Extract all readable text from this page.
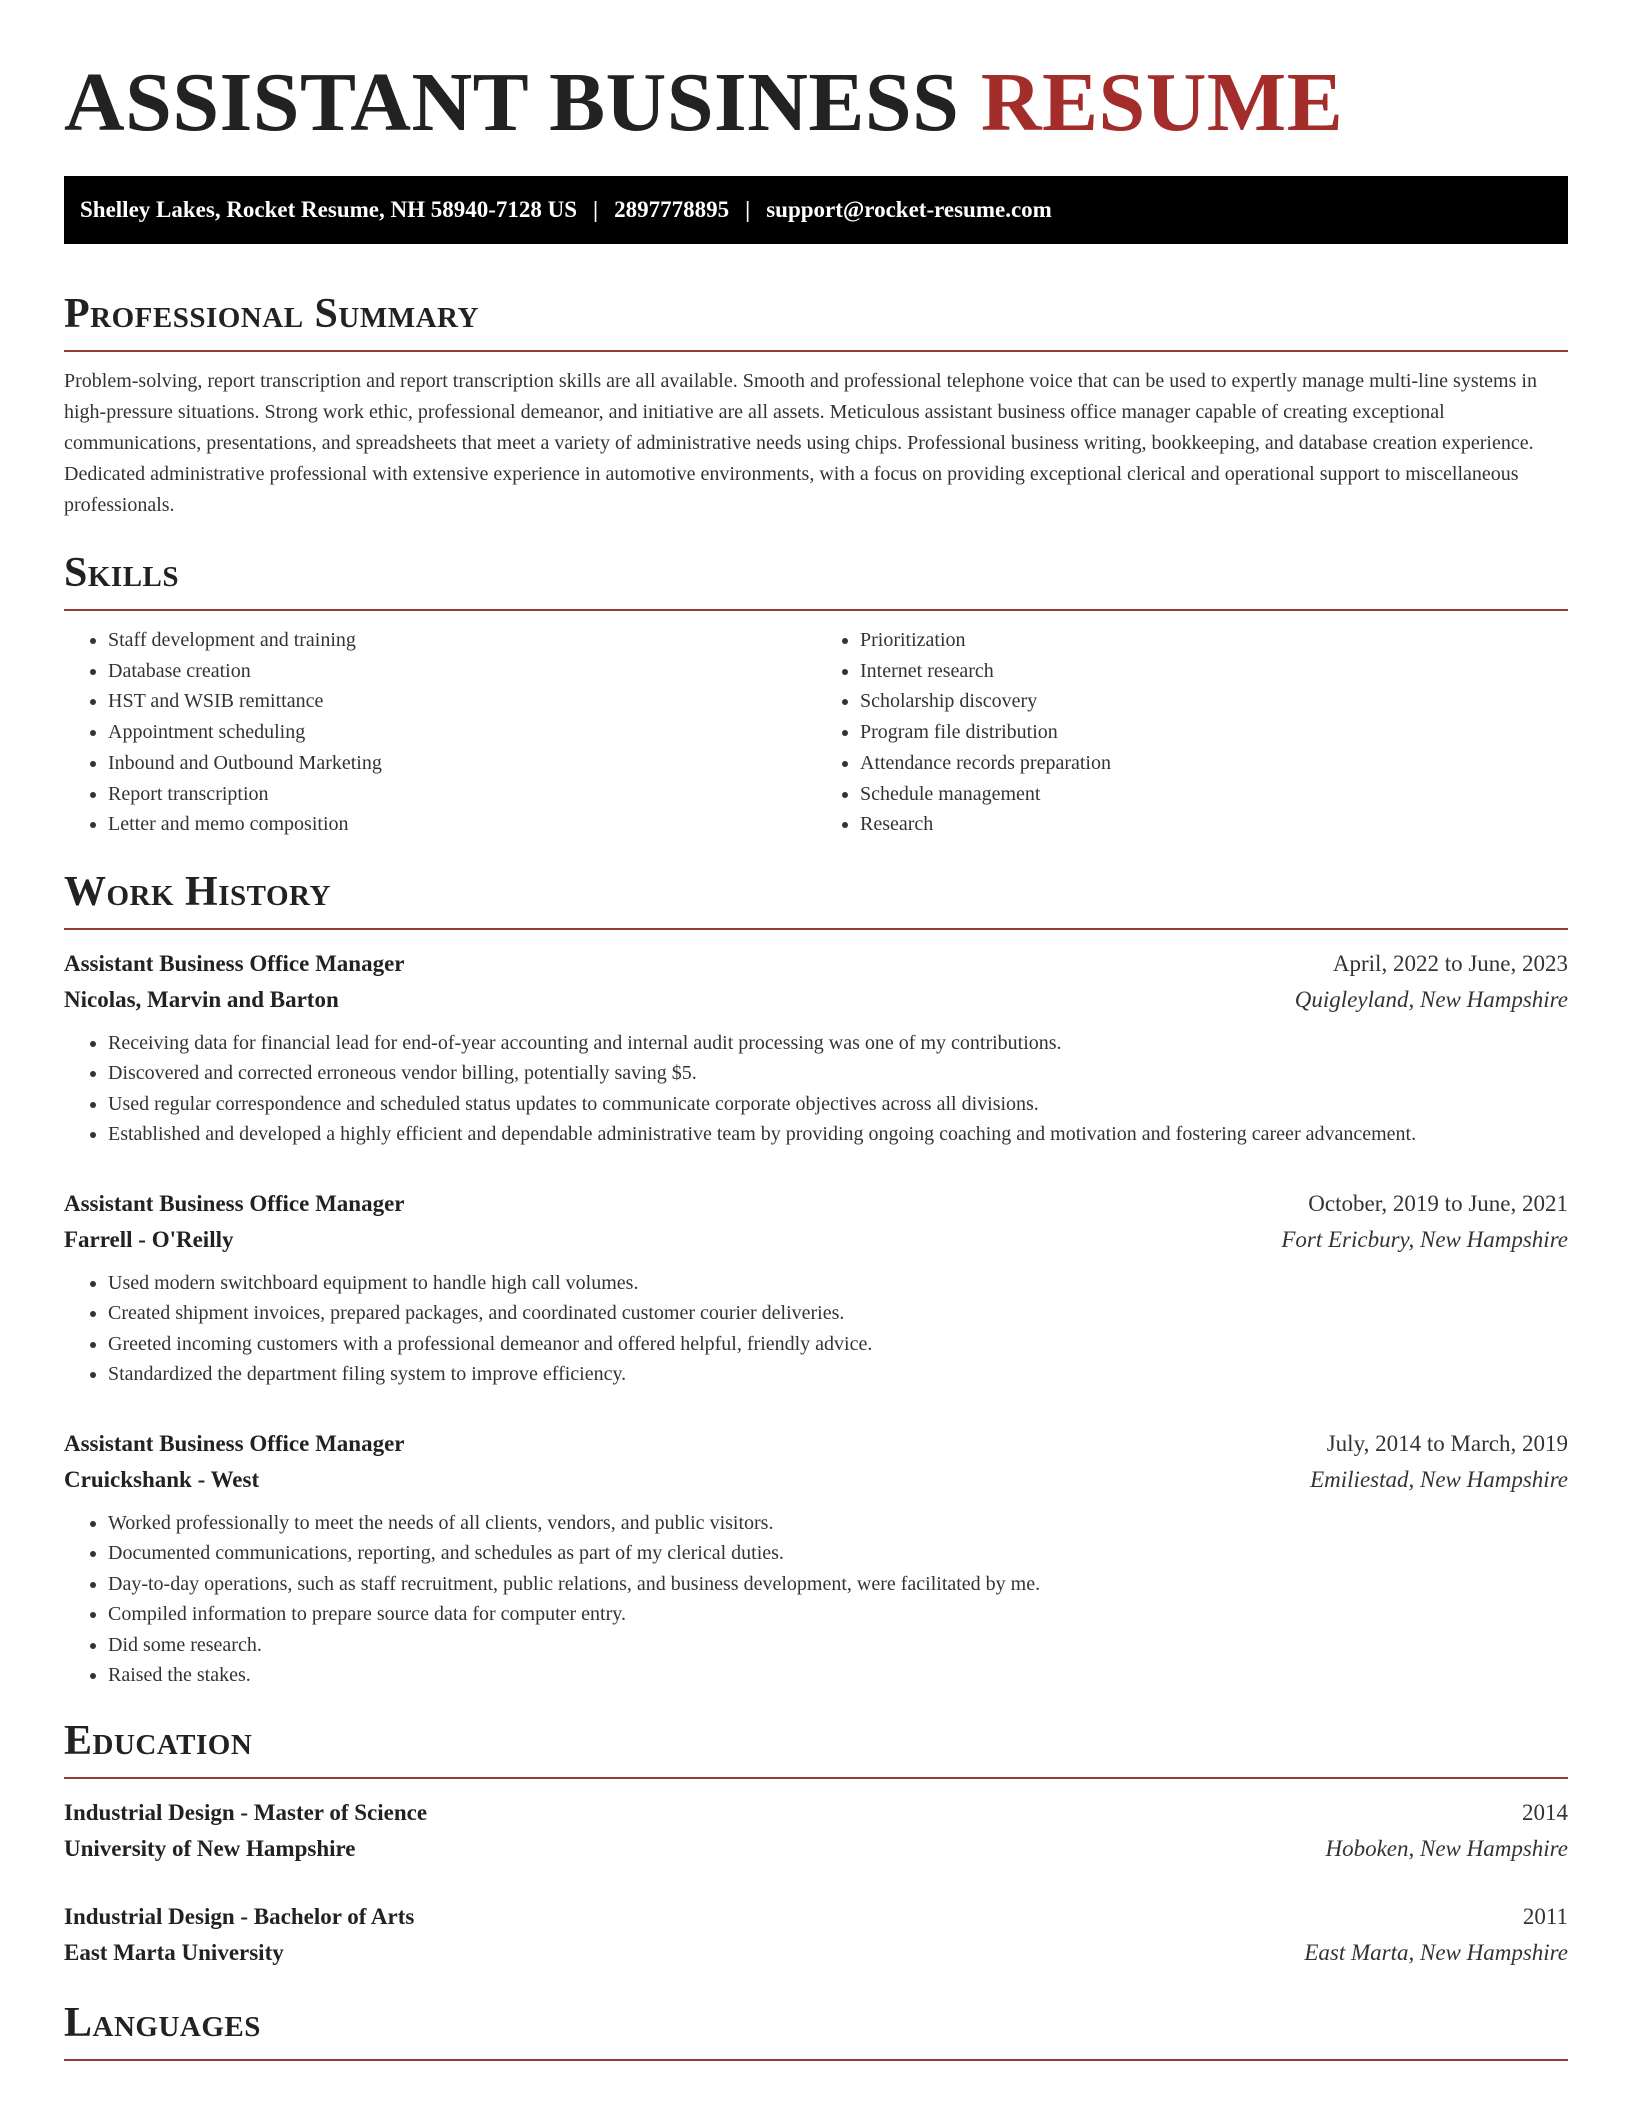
ASSISTANT BUSINESS RESUME
Shelley Lakes, Rocket Resume, NH 58940-7128 US | 2897778895 | support@rocket-resume.com
Professional Summary

Problem-solving, report transcription and report transcription skills are all available. Smooth and professional telephone voice that can be used to expertly manage multi-line systems in high-pressure situations. Strong work ethic, professional demeanor, and initiative are all assets. Meticulous assistant business office manager capable of creating exceptional communications, presentations, and spreadsheets that meet a variety of administrative needs using chips. Professional business writing, bookkeeping, and database creation experience. Dedicated administrative professional with extensive experience in automotive environments, with a focus on providing exceptional clerical and operational support to miscellaneous professionals.

Skills
• Staff development and training
• Database creation
• HST and WSIB remittance
• Appointment scheduling
• Inbound and Outbound Marketing
• Report transcription
• Letter and memo composition
• Prioritization
• Internet research
• Scholarship discovery
• Program file distribution
• Attendance records preparation
• Schedule management
• Research
Work History
Assistant Business Office Manager	April, 2022 to June, 2023
Nicolas, Marvin and Barton	Quigleyland, New Hampshire
• Receiving data for financial lead for end-of-year accounting and internal audit processing was one of my contributions.
• Discovered and corrected erroneous vendor billing, potentially saving $5.
• Used regular correspondence and scheduled status updates to communicate corporate objectives across all divisions.
• Established and developed a highly efficient and dependable administrative team by providing ongoing coaching and motivation and fostering career advancement.
Assistant Business Office Manager	October, 2019 to June, 2021
Farrell - O'Reilly	Fort Ericbury, New Hampshire
• Used modern switchboard equipment to handle high call volumes.
• Created shipment invoices, prepared packages, and coordinated customer courier deliveries.
• Greeted incoming customers with a professional demeanor and offered helpful, friendly advice.
• Standardized the department filing system to improve efficiency.
Assistant Business Office Manager	July, 2014 to March, 2019
Cruickshank - West	Emiliestad, New Hampshire
• Worked professionally to meet the needs of all clients, vendors, and public visitors.
• Documented communications, reporting, and schedules as part of my clerical duties.
• Day-to-day operations, such as staff recruitment, public relations, and business development, were facilitated by me.
• Compiled information to prepare source data for computer entry.
• Did some research.
• Raised the stakes.
Education
Industrial Design - Master of Science	2014
University of New Hampshire	Hoboken, New Hampshire
Industrial Design - Bachelor of Arts	2011
East Marta University	East Marta, New Hampshire
Languages
